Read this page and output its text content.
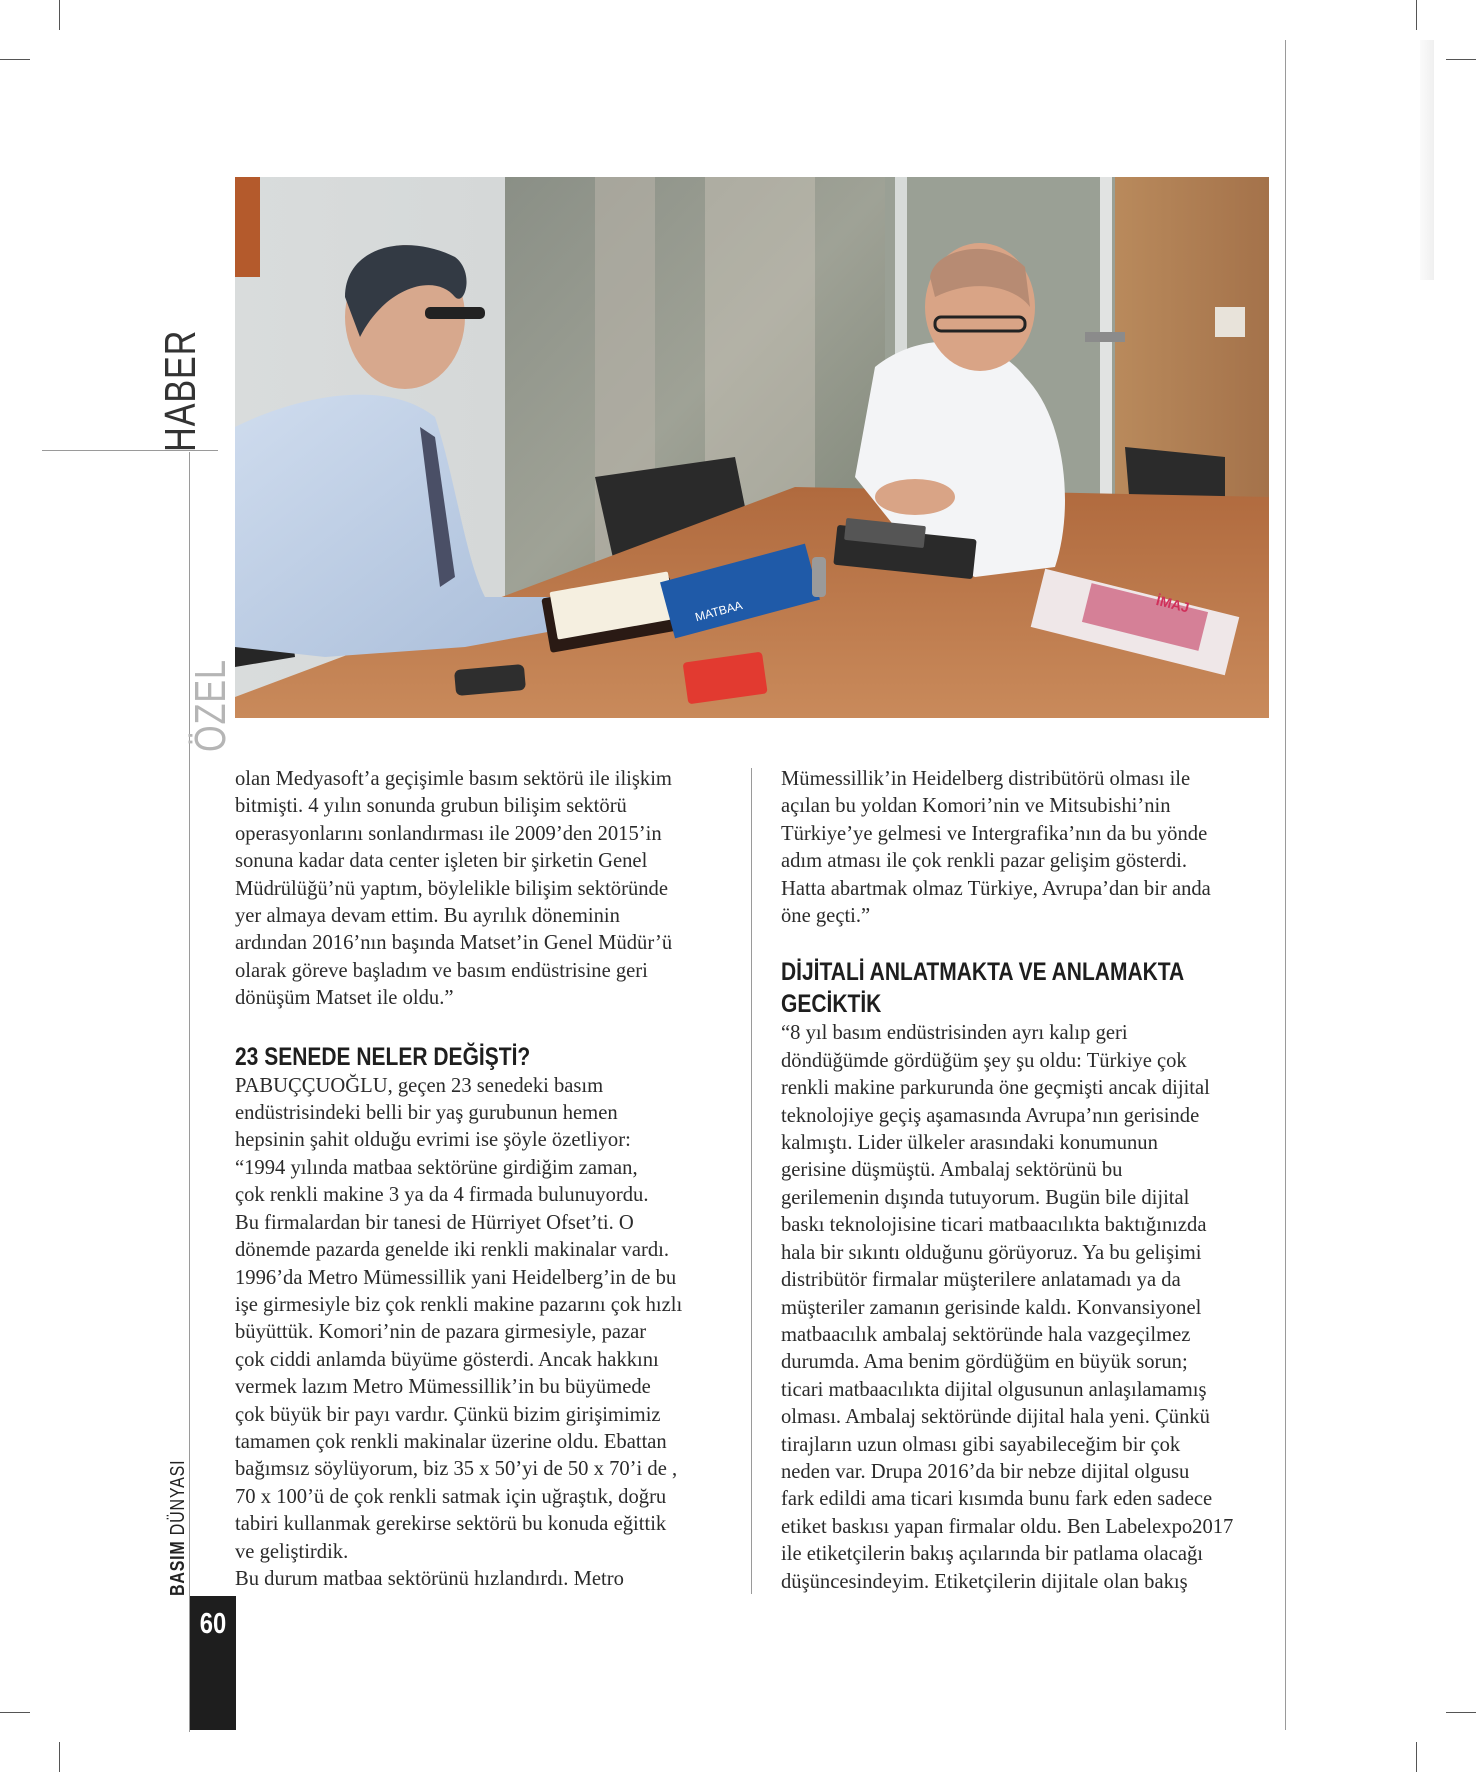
HABER
ÖZEL
BASIM DÜNYASI
60
MATBAA	İMAJ

olan Medyasoft’a geçişimle basım sektörü ile ilişkim

bitmişti. 4 yılın sonunda grubun bilişim sektörü

operasyonlarını sonlandırması ile 2009’den 2015’in

sonuna kadar data center işleten bir şirketin Genel

Müdrülüğü’nü yaptım, böylelikle bilişim sektöründe

yer almaya devam ettim. Bu ayrılık döneminin

ardından 2016’nın başında Matset’in Genel Müdür’ü

olarak göreve başladım ve basım endüstrisine geri

dönüşüm Matset ile oldu.”

23 SENEDE NELER DEĞİŞTİ?

PABUÇÇUOĞLU, geçen 23 senedeki basım

endüstrisindeki belli bir yaş gurubunun hemen

hepsinin şahit olduğu evrimi ise şöyle özetliyor:

“1994 yılında matbaa sektörüne girdiğim zaman,

çok renkli makine 3 ya da 4 firmada bulunuyordu.

Bu firmalardan bir tanesi de Hürriyet Ofset’ti. O

dönemde pazarda genelde iki renkli makinalar vardı.

1996’da Metro Mümessillik yani Heidelberg’in de bu

işe girmesiyle biz çok renkli makine pazarını çok hızlı

büyüttük. Komori’nin de pazara girmesiyle, pazar

çok ciddi anlamda büyüme gösterdi. Ancak hakkını

vermek lazım Metro Mümessillik’in bu büyümede

çok büyük bir payı vardır. Çünkü bizim girişimimiz

tamamen çok renkli makinalar üzerine oldu. Ebattan

bağımsız söylüyorum, biz 35 x 50’yi de 50 x 70’i de ,

70 x 100’ü de çok renkli satmak için uğraştık, doğru

tabiri kullanmak gerekirse sektörü bu konuda eğittik

ve geliştirdik.

Bu durum matbaa sektörünü hızlandırdı. Metro

Mümessillik’in Heidelberg distribütörü olması ile

açılan bu yoldan Komori’nin ve Mitsubishi’nin

Türkiye’ye gelmesi ve Intergrafika’nın da bu yönde

adım atması ile çok renkli pazar gelişim gösterdi.

Hatta abartmak olmaz Türkiye, Avrupa’dan bir anda

öne geçti.”

DİJİTALİ ANLATMAKTA VE ANLAMAKTA
GECİKTİK

“8 yıl basım endüstrisinden ayrı kalıp geri

döndüğümde gördüğüm şey şu oldu: Türkiye çok

renkli makine parkurunda öne geçmişti ancak dijital

teknolojiye geçiş aşamasında Avrupa’nın gerisinde

kalmıştı. Lider ülkeler arasındaki konumunun

gerisine düşmüştü. Ambalaj sektörünü bu

gerilemenin dışında tutuyorum. Bugün bile dijital

baskı teknolojisine ticari matbaacılıkta baktığınızda

hala bir sıkıntı olduğunu görüyoruz. Ya bu gelişimi

distribütör firmalar müşterilere anlatamadı ya da

müşteriler zamanın gerisinde kaldı. Konvansiyonel

matbaacılık ambalaj sektöründe hala vazgeçilmez

durumda. Ama benim gördüğüm en büyük sorun;

ticari matbaacılıkta dijital olgusunun anlaşılamamış

olması. Ambalaj sektöründe dijital hala yeni. Çünkü

tirajların uzun olması gibi sayabileceğim bir çok

neden var. Drupa 2016’da bir nebze dijital olgusu

fark edildi ama ticari kısımda bunu fark eden sadece

etiket baskısı yapan firmalar oldu. Ben Labelexpo2017

ile etiketçilerin bakış açılarında bir patlama olacağı

düşüncesindeyim. Etiketçilerin dijitale olan bakış
